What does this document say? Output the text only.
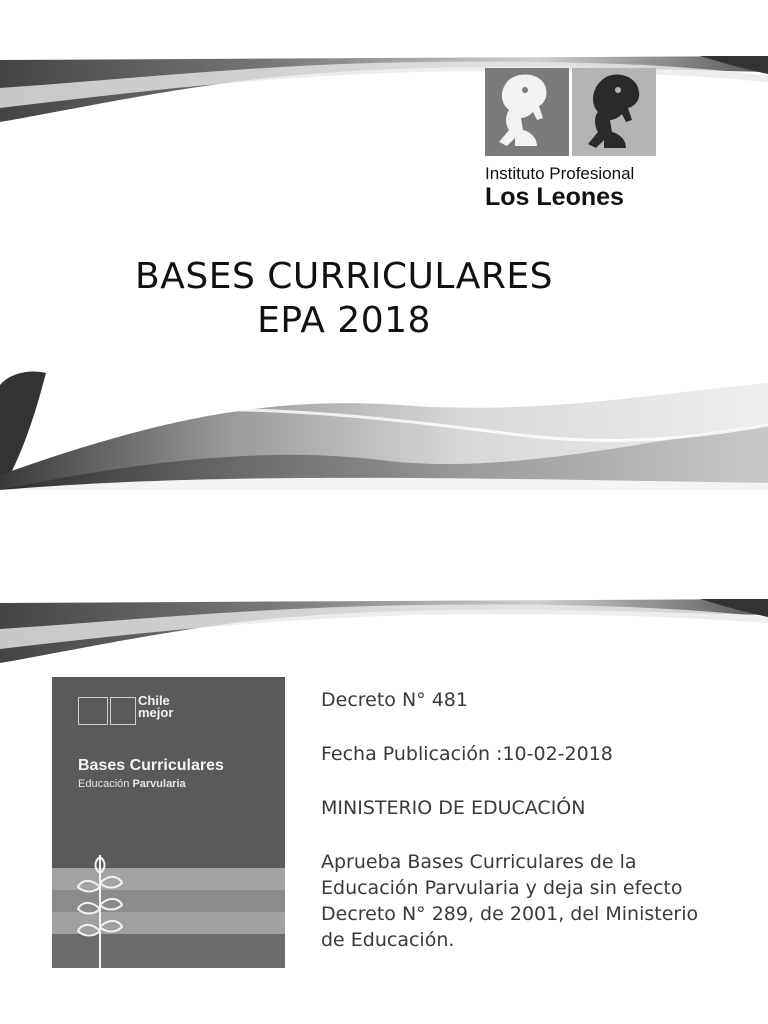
Instituto Profesional
Los Leones
BASES CURRICULARES
EPA 2018
Chile
mejor
Bases Curriculares
Educación Parvularia

Decreto N° 481

Fecha Publicación :10-02-2018

MINISTERIO DE EDUCACIÓN

Aprueba Bases Curriculares de la Educación Parvularia y deja sin efecto Decreto N° 289, de 2001, del Ministerio de Educación.
